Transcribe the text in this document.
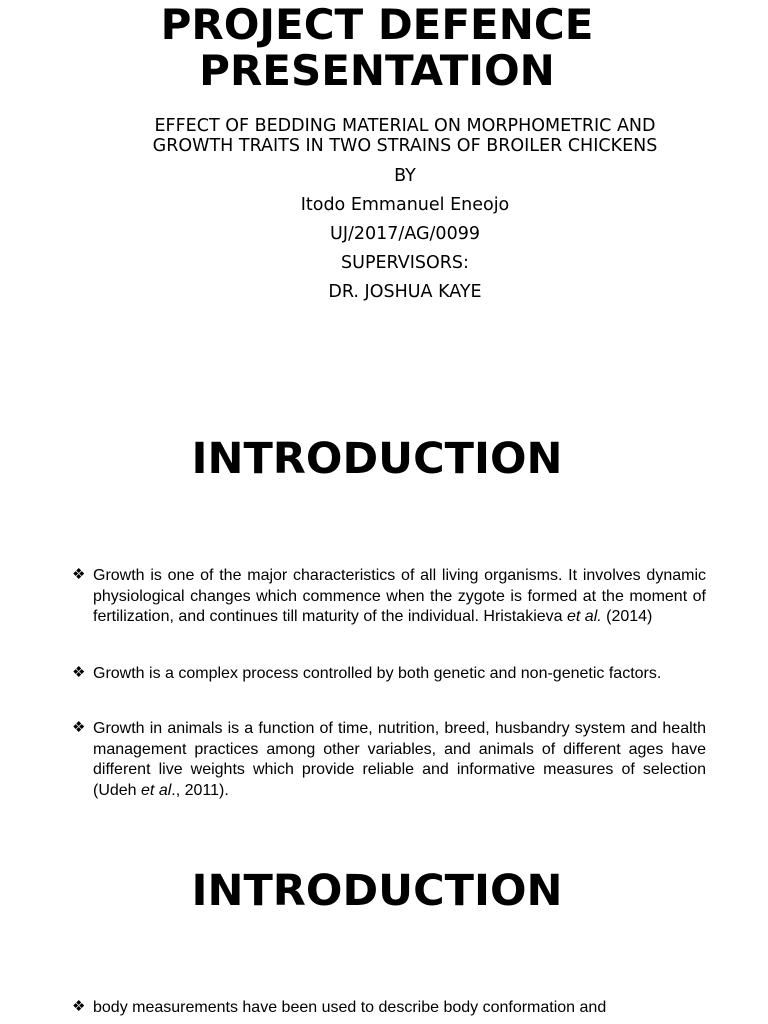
PROJECT DEFENCE
PRESENTATION

EFFECT OF BEDDING MATERIAL ON MORPHOMETRIC AND
GROWTH TRAITS IN TWO STRAINS OF BROILER CHICKENS

BY

Itodo Emmanuel Eneojo

UJ/2017/AG/0099

SUPERVISORS:

DR. JOSHUA KAYE

INTRODUCTION
❖ Growth is one of the major characteristics of all living organisms. It involves dynamic physiological changes which commence when the zygote is formed at the moment of fertilization, and continues till maturity of the individual. Hristakieva et al. (2014)
❖ Growth is a complex process controlled by both genetic and non-genetic factors.
❖ Growth in animals is a function of time, nutrition, breed, husbandry system and health management practices among other variables, and animals of different ages have different live weights which provide reliable and informative measures of selection (Udeh et al., 2011).
INTRODUCTION
❖ body measurements have been used to describe body conformation and
